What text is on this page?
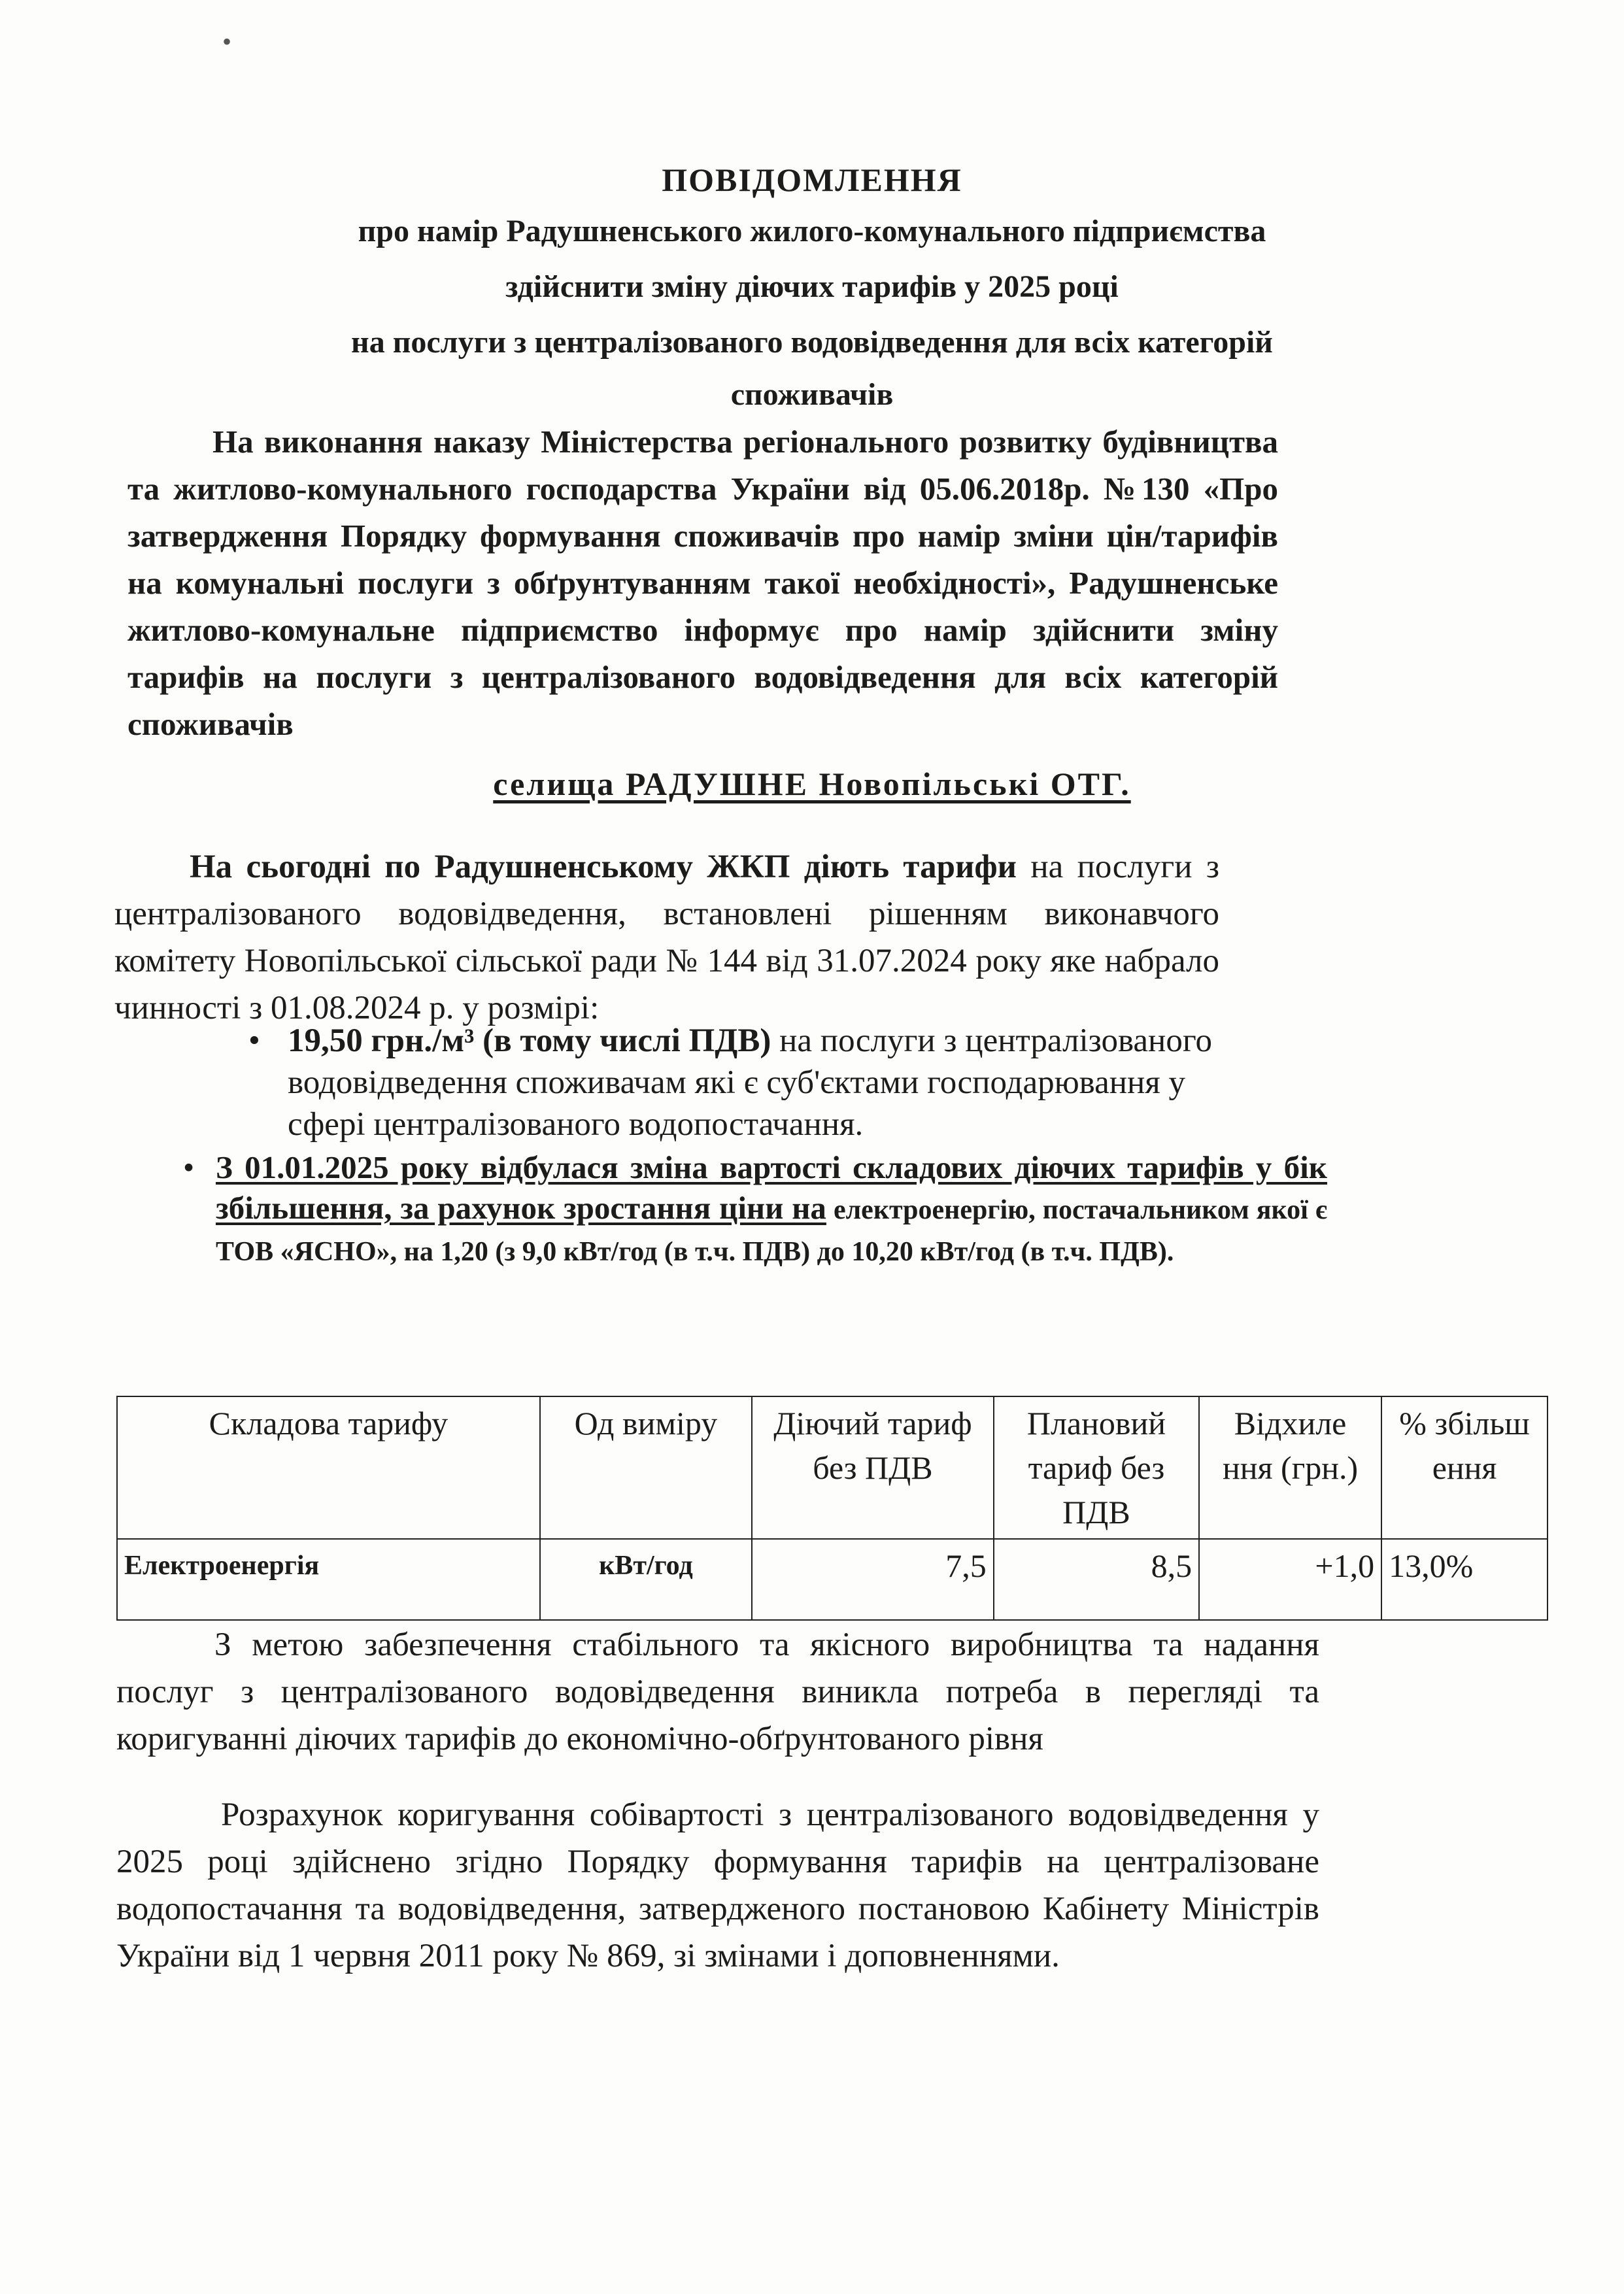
•
ПОВІДОМЛЕННЯ
про намір Радушненського жилого-комунального підприємства
здійснити зміну діючих тарифів у 2025 році
на послуги з централізованого водовідведення для всіх категорій
споживачів
На виконання наказу Міністерства регіонального розвитку будівництва та житлово-комунального господарства України від 05.06.2018р. №130 «Про затвердження Порядку формування споживачів про намір зміни цін/тарифів на комунальні послуги з обґрунтуванням такої необхідності», Радушненське житлово-комунальне підприємство інформує про намір здійснити зміну тарифів на послуги з централізованого водовідведення для всіх категорій споживачів
селища РАДУШНЕ Новопільські ОТГ.
На сьогодні по Радушненському ЖКП діють тарифи на послуги з централізованого водовідведення, встановлені рішенням виконавчого комітету Новопільської сільської ради № 144 від 31.07.2024 року яке набрало чинності з 01.08.2024 р. у розмірі:
• 19,50 грн./м³ (в тому числі ПДВ) на послуги з централізованого водовідведення споживачам які є суб'єктами господарювання у сфері централізованого водопостачання.
• З 01.01.2025 року відбулася зміна вартості складових діючих тарифів у бік збільшення, за рахунок зростання ціни на електроенергію, постачальником якої є ТОВ «ЯСНО», на 1,20 (з 9,0 кВт/год (в т.ч. ПДВ) до 10,20 кВт/год (в т.ч. ПДВ).
Складова тарифу	Од виміру	Діючий тариф без ПДВ	Плановий тариф без ПДВ	Відхиле ння (грн.)	% збільш ення
Електроенергія	кВт/год	7,5	8,5	+1,0	13,0%
З метою забезпечення стабільного та якісного виробництва та надання послуг з централізованого водовідведення виникла потреба в перегляді та коригуванні діючих тарифів до економічно-обґрунтованого рівня
Розрахунок коригування собівартості з централізованого водовідведення у 2025 році здійснено згідно Порядку формування тарифів на централізоване водопостачання та водовідведення, затвердженого постановою Кабінету Міністрів України від 1 червня 2011 року № 869, зі змінами і доповненнями.
